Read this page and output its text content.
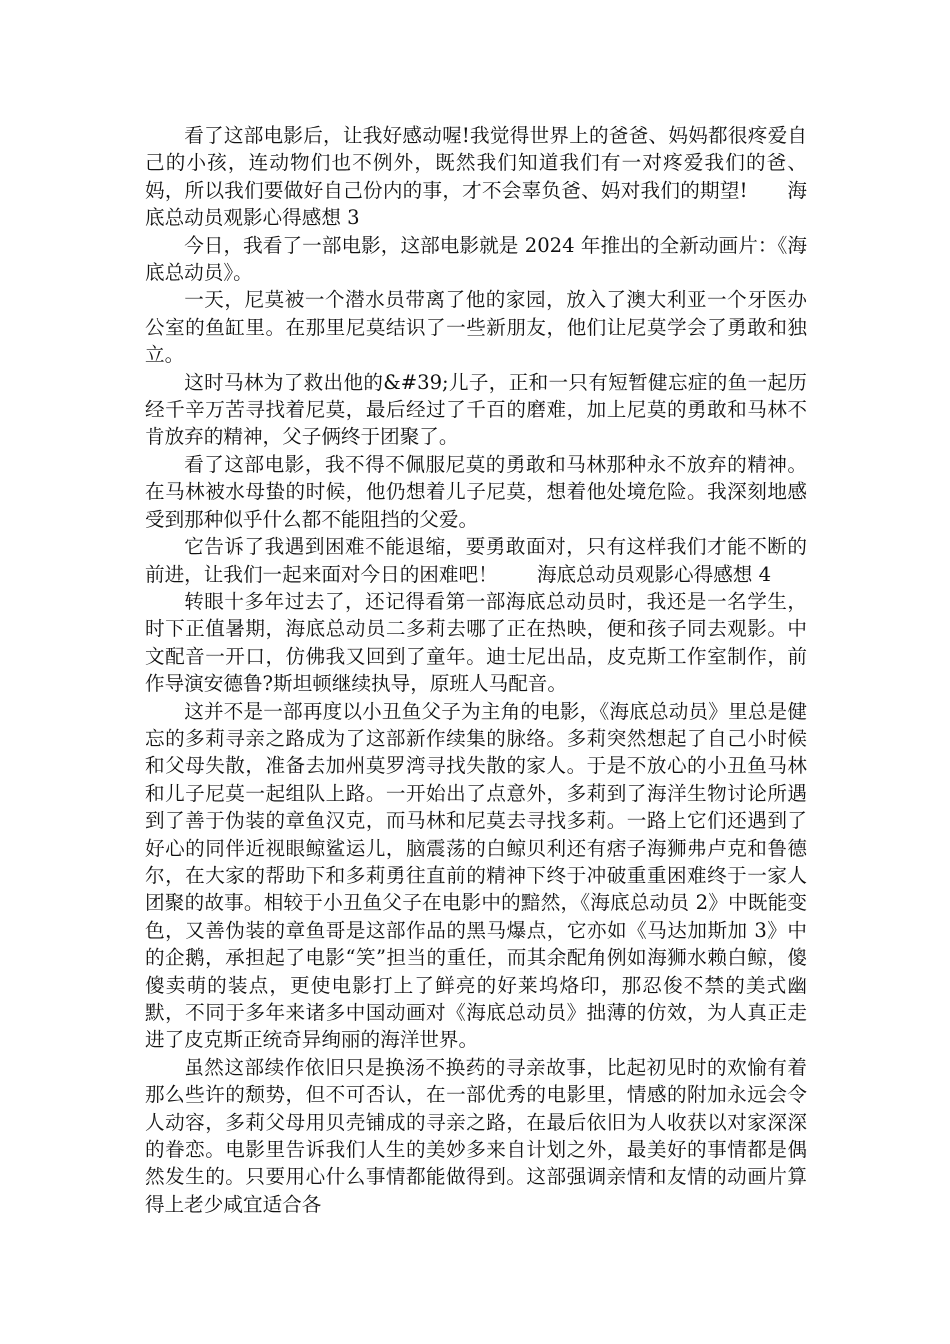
看了这部电影后，让我好感动喔!我觉得世界上的爸爸、妈妈都很疼爱自己的小孩，连动物们也不例外，既然我们知道我们有一对疼爱我们的爸、妈，所以我们要做好自己份内的事，才不会辜负爸、妈对我们的期望!　　海底总动员观影心得感想 3

今日，我看了一部电影，这部电影就是 2024 年推出的全新动画片：《海底总动员》。

一天，尼莫被一个潜水员带离了他的家园，放入了澳大利亚一个牙医办公室的鱼缸里。在那里尼莫结识了一些新朋友，他们让尼莫学会了勇敢和独立。

这时马林为了救出他的&#39;儿子，正和一只有短暂健忘症的鱼一起历经千辛万苦寻找着尼莫，最后经过了千百的磨难，加上尼莫的勇敢和马林不肯放弃的精神，父子俩终于团聚了。

看了这部电影，我不得不佩服尼莫的勇敢和马林那种永不放弃的精神。在马林被水母蛰的时候，他仍想着儿子尼莫，想着他处境危险。我深刻地感受到那种似乎什么都不能阻挡的父爱。

它告诉了我遇到困难不能退缩，要勇敢面对，只有这样我们才能不断的前进，让我们一起来面对今日的困难吧！　　海底总动员观影心得感想 4

转眼十多年过去了，还记得看第一部海底总动员时，我还是一名学生，时下正值暑期，海底总动员二多莉去哪了正在热映，便和孩子同去观影。中文配音一开口，仿佛我又回到了童年。迪士尼出品，皮克斯工作室制作，前作导演安德鲁?斯坦顿继续执导，原班人马配音。

这并不是一部再度以小丑鱼父子为主角的电影，《海底总动员》里总是健忘的多莉寻亲之路成为了这部新作续集的脉络。多莉突然想起了自己小时候和父母失散，准备去加州莫罗湾寻找失散的家人。于是不放心的小丑鱼马林和儿子尼莫一起组队上路。一开始出了点意外，多莉到了海洋生物讨论所遇到了善于伪装的章鱼汉克，而马林和尼莫去寻找多莉。一路上它们还遇到了好心的同伴近视眼鲸鲨运儿，脑震荡的白鲸贝利还有痞子海狮弗卢克和鲁德尔，在大家的帮助下和多莉勇往直前的精神下终于冲破重重困难终于一家人团聚的故事。相较于小丑鱼父子在电影中的黯然，《海底总动员 2》中既能变色，又善伪装的章鱼哥是这部作品的黑马爆点，它亦如《马达加斯加 3》中的企鹅，承担起了电影“笑”担当的重任，而其余配角例如海狮水赖白鲸，傻傻卖萌的装点，更使电影打上了鲜亮的好莱坞烙印，那忍俊不禁的美式幽默，不同于多年来诸多中国动画对《海底总动员》拙薄的仿效，为人真正走进了皮克斯正统奇异绚丽的海洋世界。

虽然这部续作依旧只是换汤不换药的寻亲故事，比起初见时的欢愉有着那么些许的颓势，但不可否认，在一部优秀的电影里，情感的附加永远会令人动容，多莉父母用贝壳铺成的寻亲之路，在最后依旧为人收获以对家深深的眷恋。电影里告诉我们人生的美妙多来自计划之外，最美好的事情都是偶然发生的。只要用心什么事情都能做得到。这部强调亲情和友情的动画片算得上老少咸宜适合各
